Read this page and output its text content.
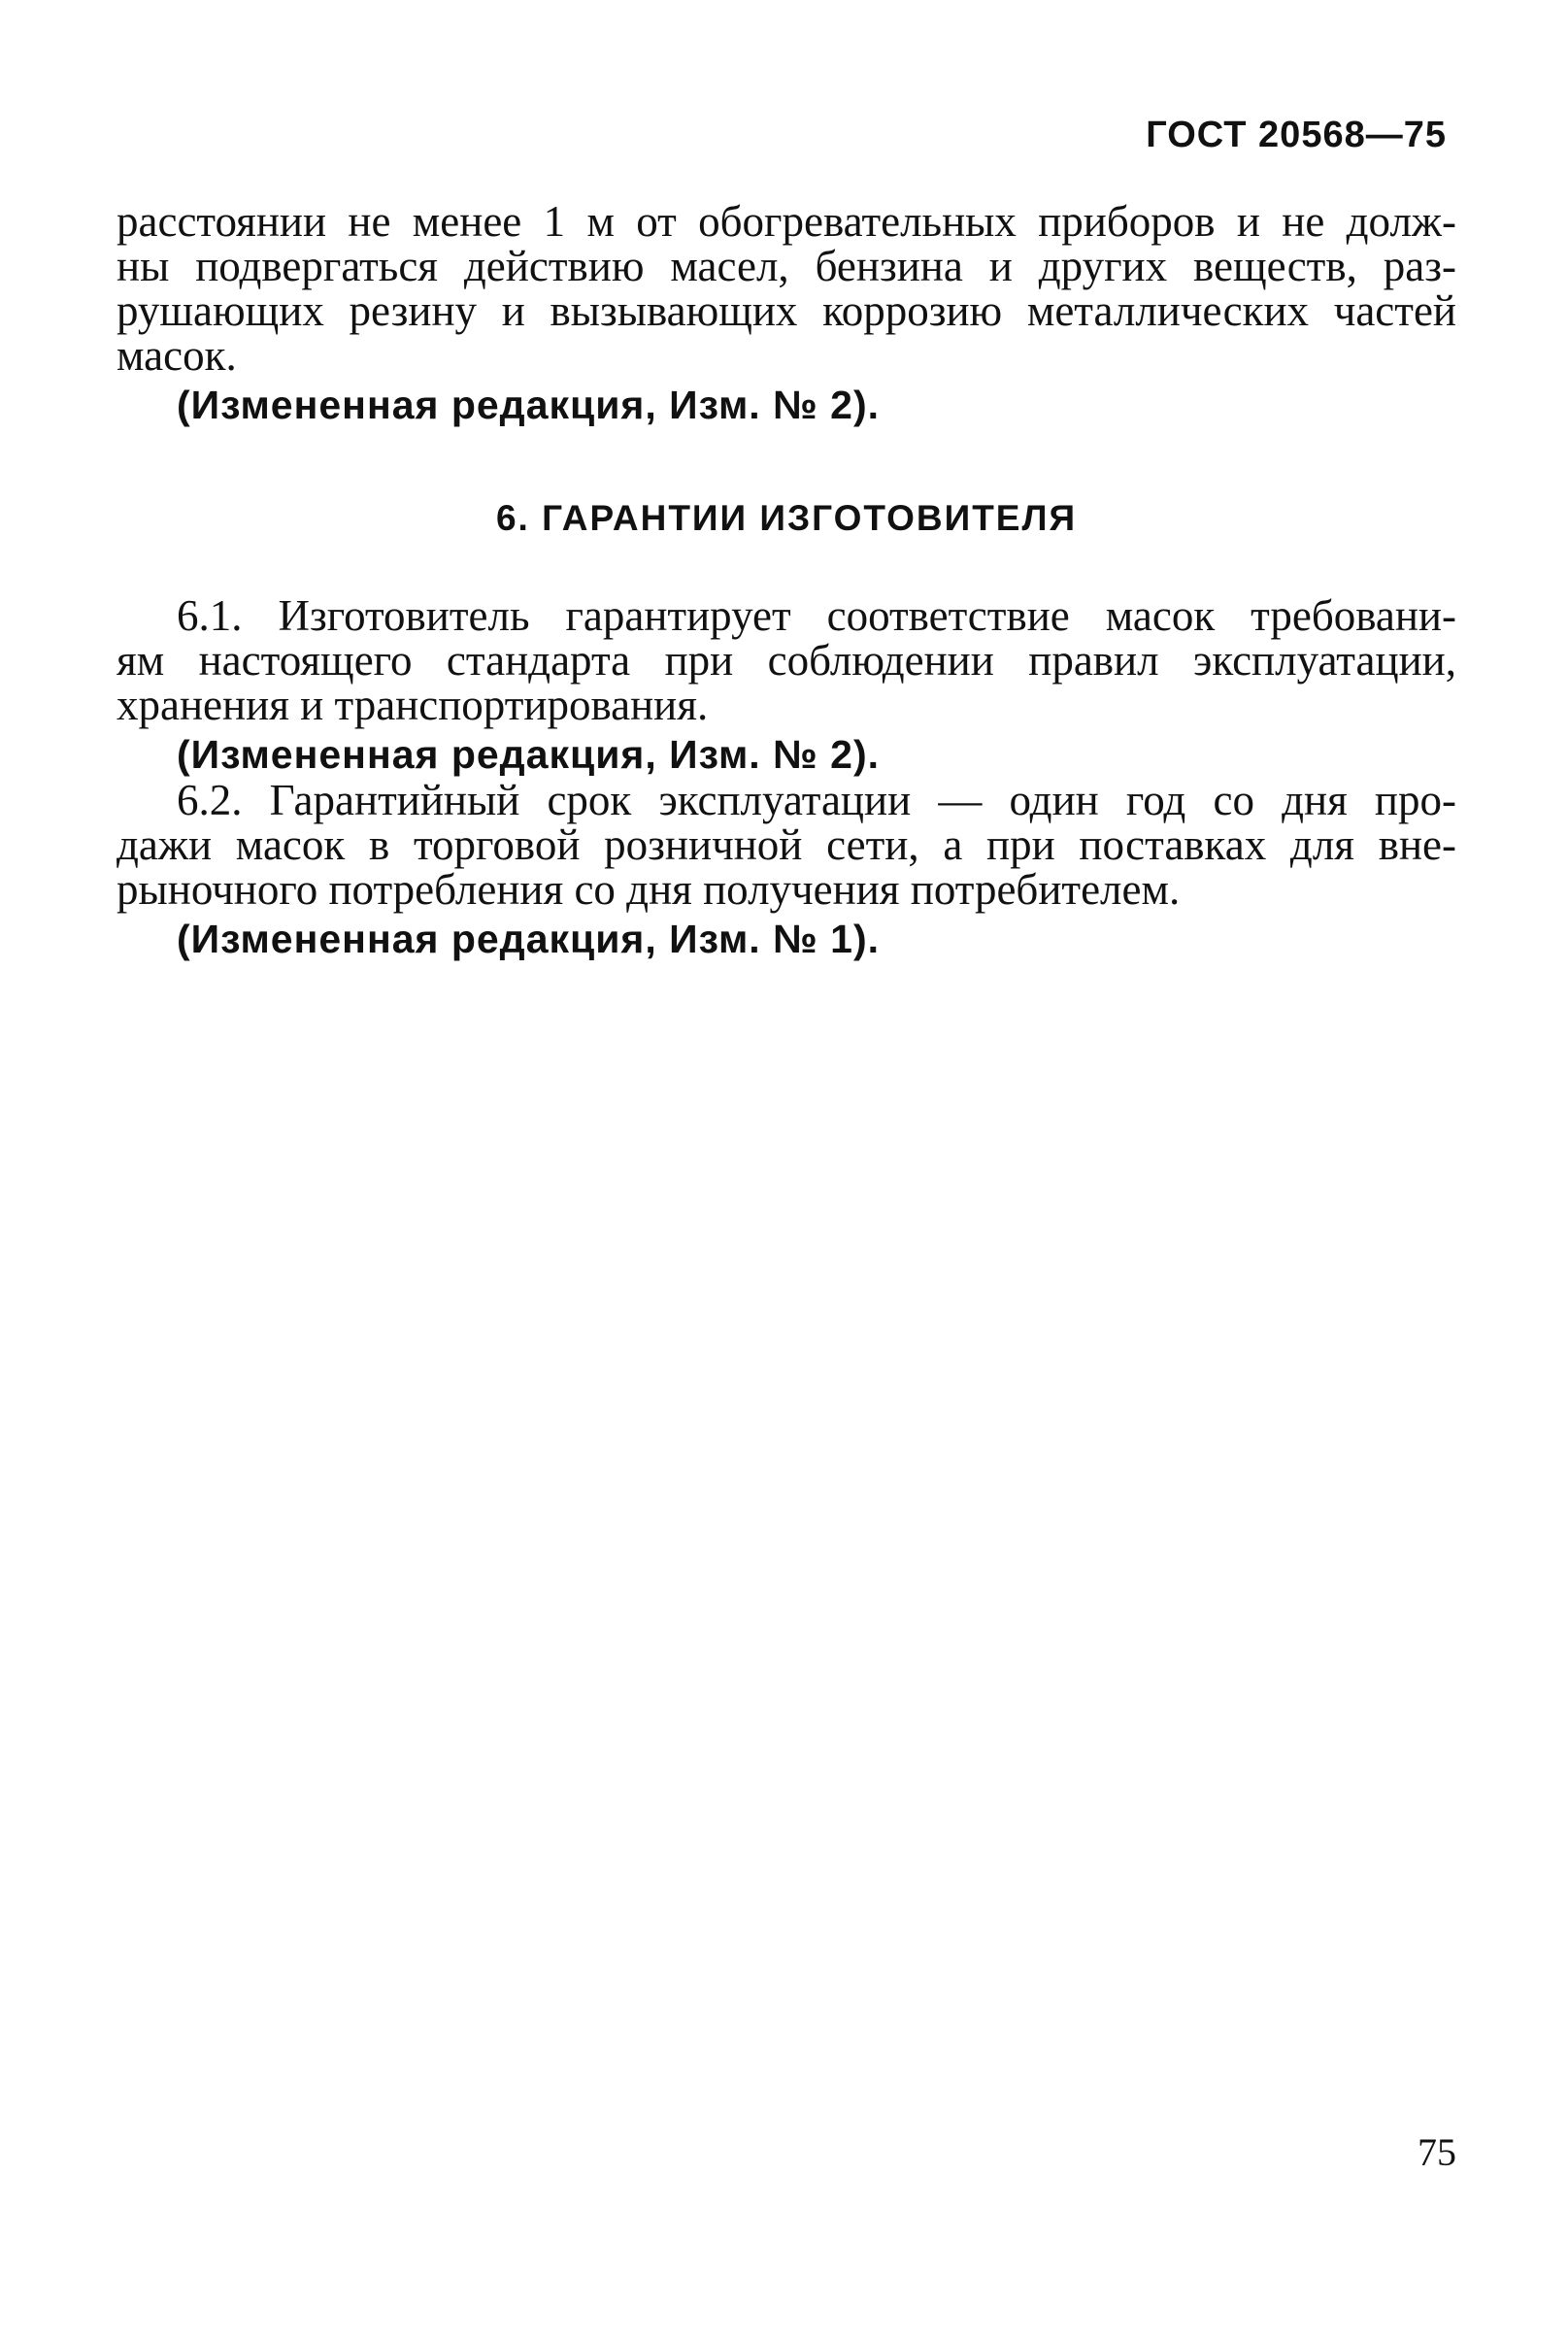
ГОСТ 20568—75
расстоянии не менее 1 м от обогревательных приборов и не долж-
ны подвергаться действию масел, бензина и других веществ, раз-
рушающих резину и вызывающих коррозию металлических частей
масок.
(Измененная редакция, Изм. № 2).
6. ГАРАНТИИ ИЗГОТОВИТЕЛЯ
6.1. Изготовитель гарантирует соответствие масок требовани-
ям настоящего стандарта при соблюдении правил эксплуатации,
хранения и транспортирования.
(Измененная редакция, Изм. № 2).
6.2. Гарантийный срок эксплуатации — один год со дня про-
дажи масок в торговой розничной сети, а при поставках для вне-
рыночного потребления со дня получения потребителем.
(Измененная редакция, Изм. № 1).
75
